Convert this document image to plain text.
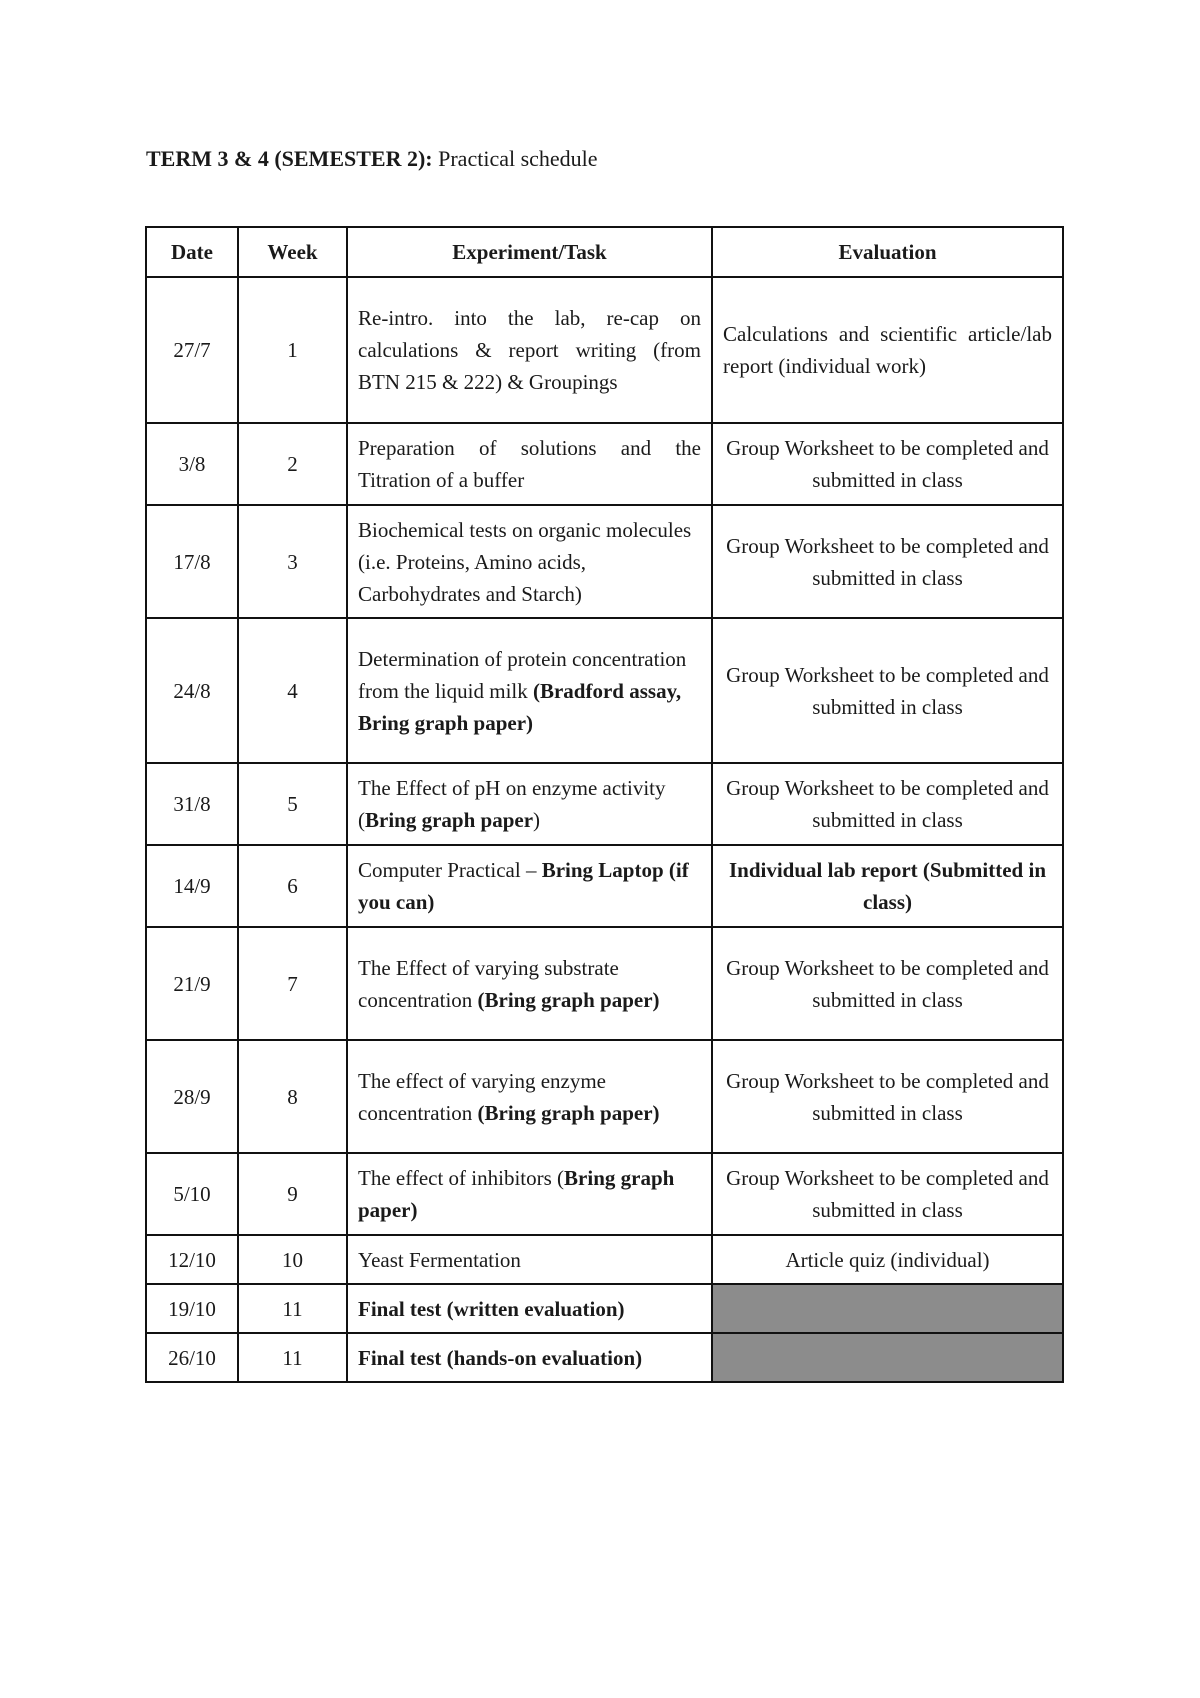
TERM 3 & 4 (SEMESTER 2): Practical schedule
Date	Week	Experiment/Task	Evaluation
27/7	1	Re-intro. into the lab, re-cap on calculations & report writing (from BTN 215 & 222) & Groupings	Calculations and scientific article/lab report (individual work)
3/8	2	Preparation of solutions and the Titration of a buffer	Group Worksheet to be completed and submitted in class
17/8	3	Biochemical tests on organic molecules (i.e. Proteins, Amino acids, Carbohydrates and Starch)	Group Worksheet to be completed and submitted in class
24/8	4	Determination of protein concentration from the liquid milk (Bradford assay, Bring graph paper)	Group Worksheet to be completed and submitted in class
31/8	5	The Effect of pH on enzyme activity (Bring graph paper)	Group Worksheet to be completed and submitted in class
14/9	6	Computer Practical – Bring Laptop (if you can)	Individual lab report (Submitted in class)
21/9	7	The Effect of varying substrate concentration (Bring graph paper)	Group Worksheet to be completed and submitted in class
28/9	8	The effect of varying enzyme concentration (Bring graph paper)	Group Worksheet to be completed and submitted in class
5/10	9	The effect of inhibitors (Bring graph paper)	Group Worksheet to be completed and submitted in class
12/10	10	Yeast Fermentation	Article quiz (individual)
19/10	11	Final test (written evaluation)	
26/10	11	Final test (hands-on evaluation)	
